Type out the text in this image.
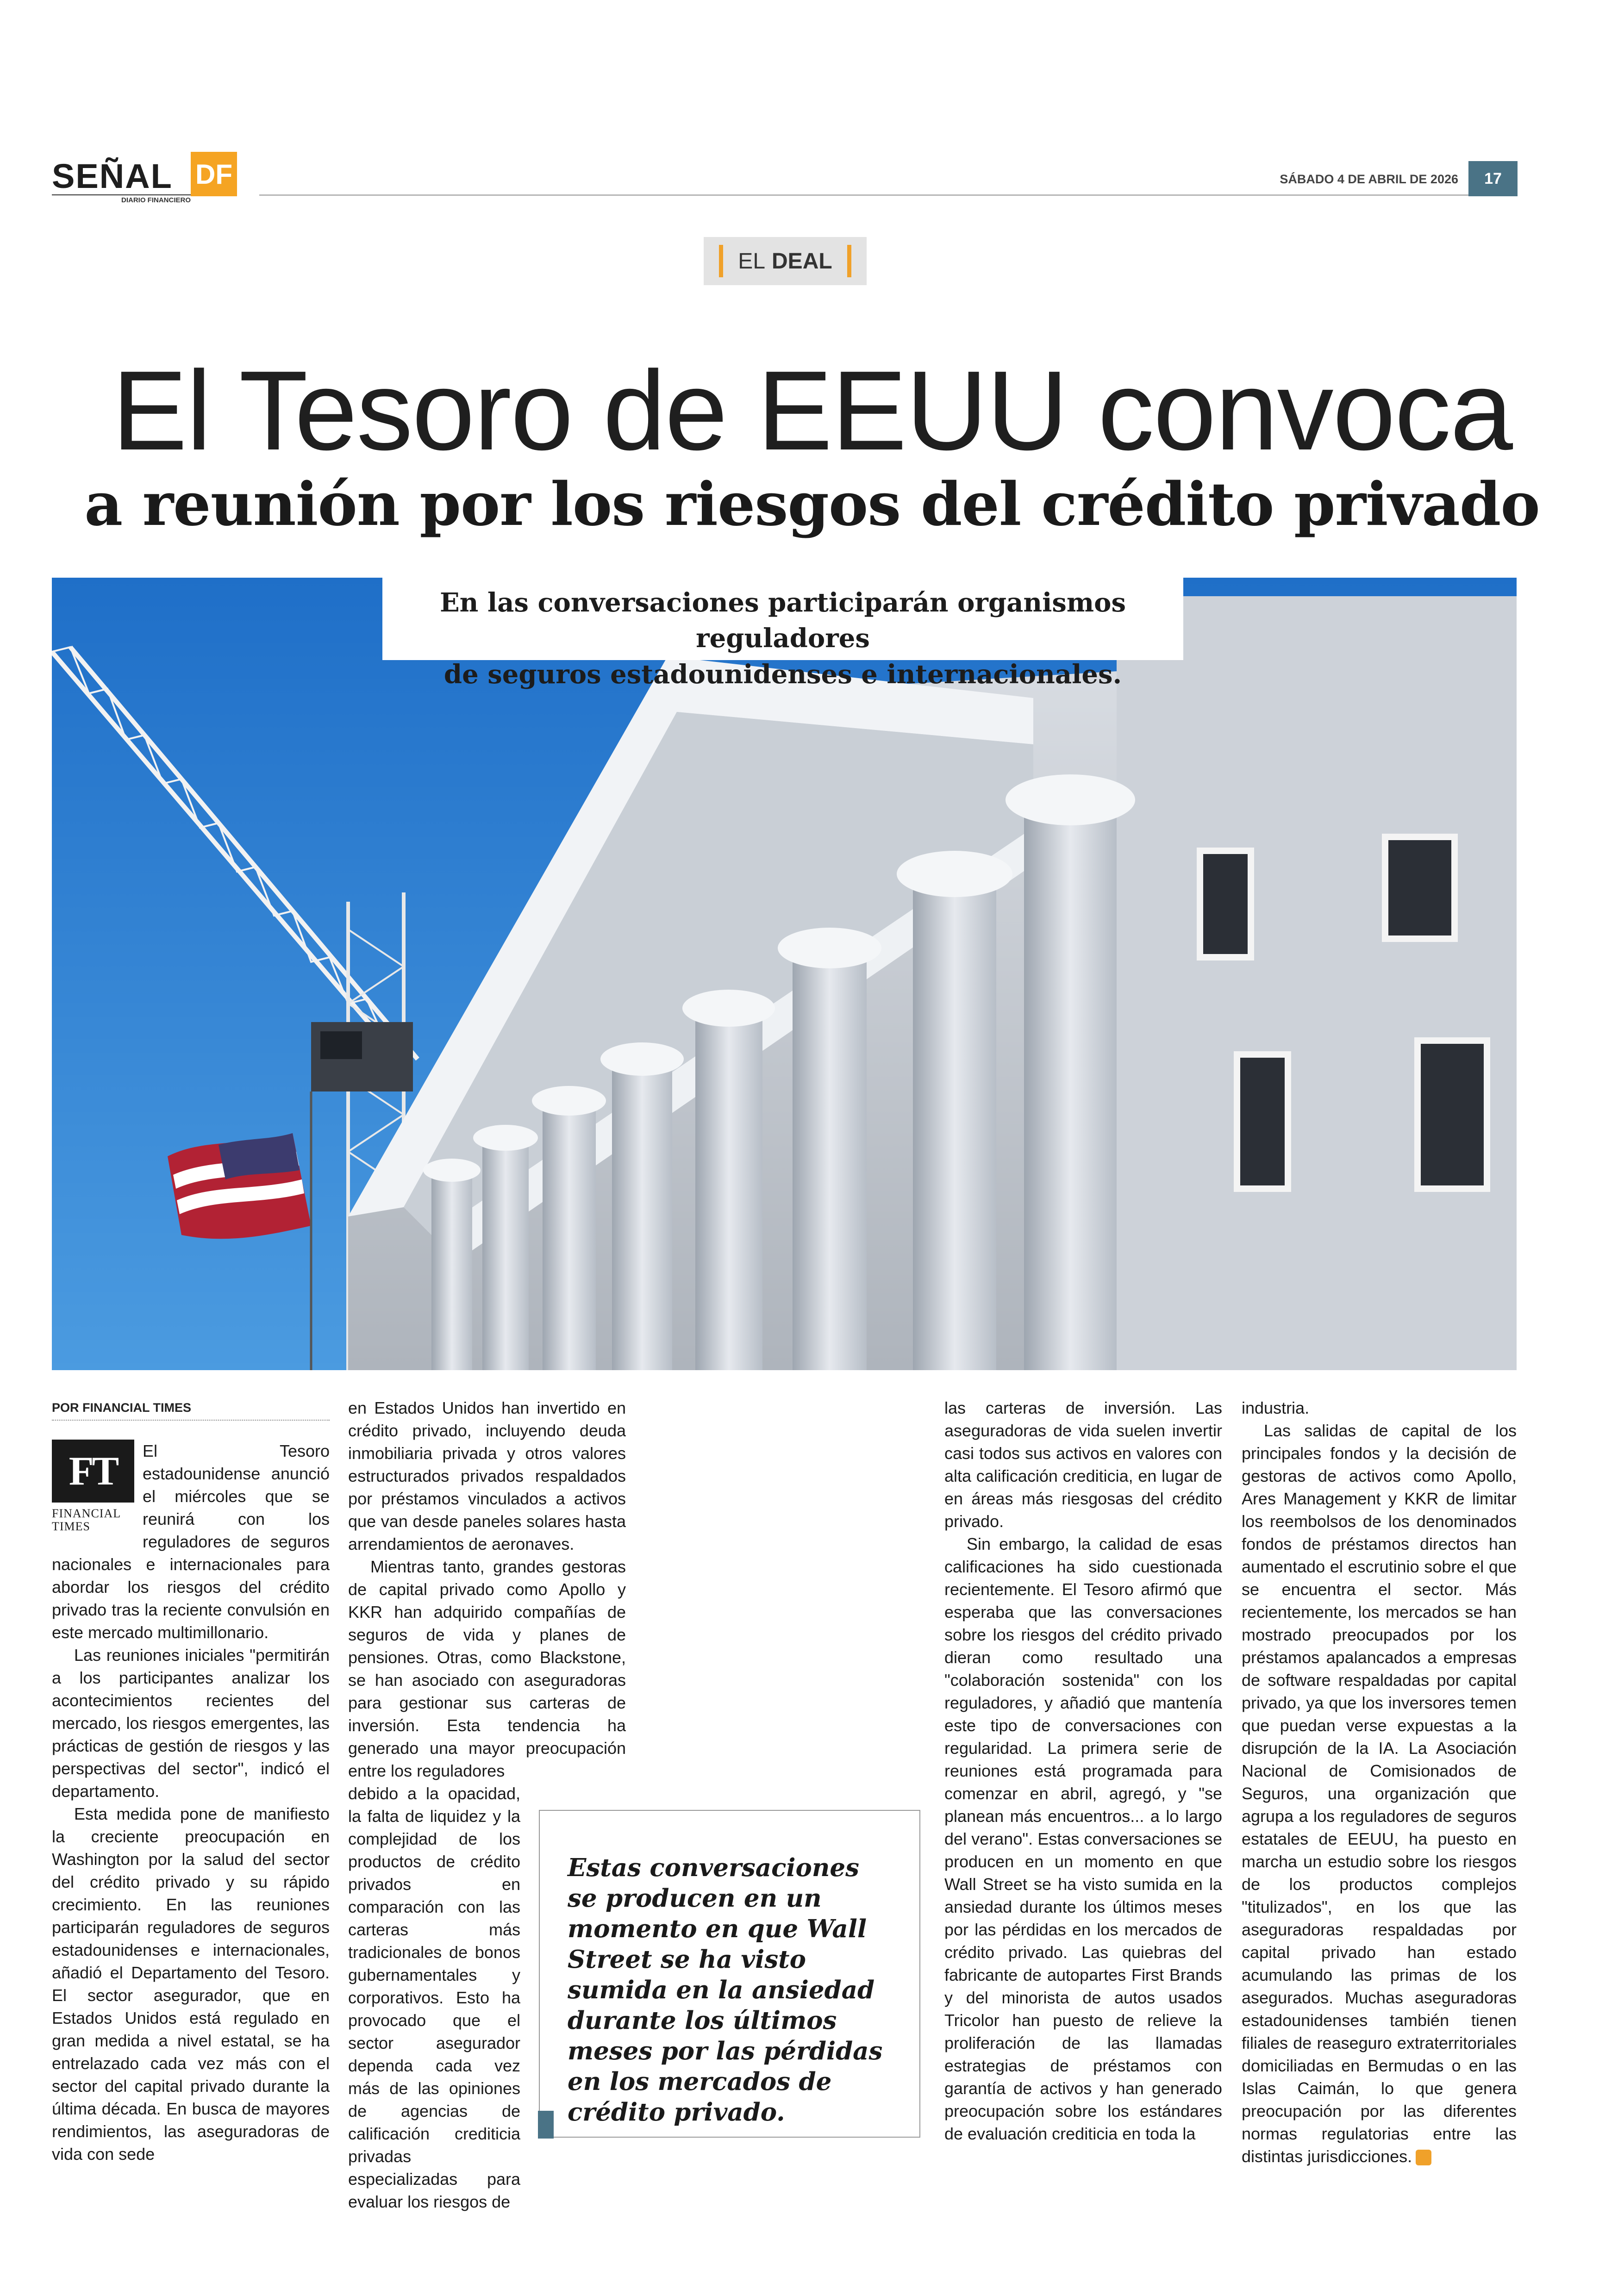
SEÑAL DF
DIARIO FINANCIERO
SÁBADO 4 DE ABRIL DE 2026	17
EL DEAL
El Tesoro de EEUU convoca
a reunión por los riesgos del crédito privado
En las conversaciones participarán organismos reguladores
de seguros estadounidenses e internacionales.
POR FINANCIAL TIMES
FT
FINANCIAL
TIMES

El Tesoro estadounidense anunció el miércoles que se reunirá con los reguladores de seguros nacionales e internacionales para abordar los riesgos del crédito privado tras la reciente convulsión en este mercado multimillonario.

Las reuniones iniciales "permitirán a los participantes analizar los acontecimientos recientes del mercado, los riesgos emergentes, las prácticas de gestión de riesgos y las perspectivas del sector", indicó el departamento.

Esta medida pone de manifiesto la creciente preocupación en Washington por la salud del sector del crédito privado y su rápido crecimiento. En las reuniones participarán reguladores de seguros estadounidenses e internacionales, añadió el Departamento del Tesoro. El sector asegurador, que en Estados Unidos está regulado en gran medida a nivel estatal, se ha entrelazado cada vez más con el sector del capital privado durante la última década. En busca de mayores rendimientos, las aseguradoras de vida con sede

en Estados Unidos han invertido en crédito privado, incluyendo deuda inmobiliaria privada y otros valores estructurados privados respaldados por préstamos vinculados a activos que van desde paneles solares hasta arrendamientos de aeronaves.

Mientras tanto, grandes gestoras de capital privado como Apollo y KKR han adquirido compañías de seguros de vida y planes de pensiones. Otras, como Blackstone, se han asociado con aseguradoras para gestionar sus carteras de inversión. Esta tendencia ha generado una mayor preocupación entre los reguladores

debido a la opacidad, la falta de liquidez y la complejidad de los productos de crédito privados en comparación con las carteras más tradicionales de bonos gubernamentales y corporativos. Esto ha provocado que el sector asegurador dependa cada vez más de las opiniones de agencias de calificación crediticia privadas especializadas para evaluar los riesgos de

Estas conversaciones se producen en un momento en que Wall Street se ha visto sumida en la ansiedad durante los últimos meses por las pérdidas en los mercados de crédito privado.

las carteras de inversión. Las aseguradoras de vida suelen invertir casi todos sus activos en valores con alta calificación crediticia, en lugar de en áreas más riesgosas del crédito privado.

Sin embargo, la calidad de esas calificaciones ha sido cuestionada recientemente. El Tesoro afirmó que esperaba que las conversaciones sobre los riesgos del crédito privado dieran como resultado una "colaboración sostenida" con los reguladores, y añadió que mantenía este tipo de conversaciones con regularidad. La primera serie de reuniones está programada para comenzar en abril, agregó, y "se planean más encuentros... a lo largo del verano". Estas conversaciones se producen en un momento en que Wall Street se ha visto sumida en la ansiedad durante los últimos meses por las pérdidas en los mercados de crédito privado. Las quiebras del fabricante de autopartes First Brands y del minorista de autos usados Tricolor han puesto de relieve la proliferación de las llamadas estrategias de préstamos con garantía de activos y han generado preocupación sobre los estándares de evaluación crediticia en toda la

industria.

Las salidas de capital de los principales fondos y la decisión de gestoras de activos como Apollo, Ares Management y KKR de limitar los reembolsos de los denominados fondos de préstamos directos han aumentado el escrutinio sobre el que se encuentra el sector. Más recientemente, los mercados se han mostrado preocupados por los préstamos apalancados a empresas de software respaldadas por capital privado, ya que los inversores temen que puedan verse expuestas a la disrupción de la IA. La Asociación Nacional de Comisionados de Seguros, una organización que agrupa a los reguladores de seguros estatales de EEUU, ha puesto en marcha un estudio sobre los riesgos de los productos complejos "titulizados", en los que las aseguradoras respaldadas por capital privado han estado acumulando las primas de los asegurados. Muchas aseguradoras estadounidenses también tienen filiales de reaseguro extraterritoriales domiciliadas en Bermudas o en las Islas Caimán, lo que genera preocupación por las diferentes normas regulatorias entre las distintas jurisdicciones.
